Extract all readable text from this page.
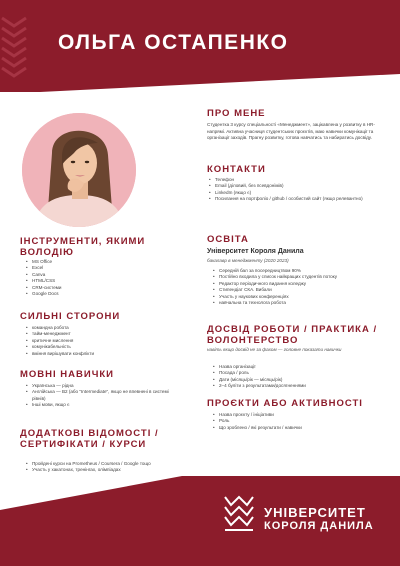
ОЛЬГА ОСТАПЕНКО
ПРО МЕНЕ
Студентка 3 курсу спеціальності «Менеджмент», зацікавлена у розвитку в HR-напрямі. Активна учасниця студентських проєктів, маю навички комунікації та організації заходів. Прагну розвитку, готова навчатись та набиратись досвіду.
КОНТАКТИ
• Телефон
• Email (діловий, без псевдонімів)
• LinkedIn (якщо є)
• Посилання на портфоліо / github / особистий сайт (якщо релевантно)
ІНСТРУМЕНТИ, ЯКИМИ ВОЛОДІЮ
• MS Office
• Excel
• Canva
• HTML/CSS
• CRM-системи
• Google Docs
СИЛЬНІ СТОРОНИ
• командна робота
• тайм-менеджмент
• критичне мислення
• комунікабельність
• вміння вирішувати конфлікти
МОВНІ НАВИЧКИ
• Українська — рідна
• Англійська — B2 (або "Intermediate", якщо не впевнені в системі рівнів)
• Інші мови, якщо є
ДОДАТКОВІ ВІДОМОСТІ / СЕРТИФІКАТИ / КУРСИ
• Пройдені курси на Prometheus / Coursera / Google тощо
• Участь у хакатонах, тренінгах, олімпіадах
ОСВІТА
Університет Короля Данила
бакалавр в менеджменту (2020 2023)
• Середній бал за посередництвом 90%
• Постійно входила у список найкращих студентів потоку
• Редактор періодичного видання коледжу
• Стипендіат СКА. Вибали
• Участь у наукових конференціях
• навчальна та технолога робота
ДОСВІД РОБОТИ / ПРАКТИКА / ВОЛОНТЕРСТВО
навіть якщо досвід не за фахом — головне показати навички
• Назва організації
• Посада / роль
• Дати (місяць/рік — місяць/рік)
• 2–4 буліти з результатами/досягненнями
ПРОЄКТИ АБО АКТИВНОСТІ
• Назва проєкту / ініціативи
• Роль
• Що зроблено / які результати / навички
УНІВЕРСИТЕТ
КОРОЛЯ ДАНИЛА
